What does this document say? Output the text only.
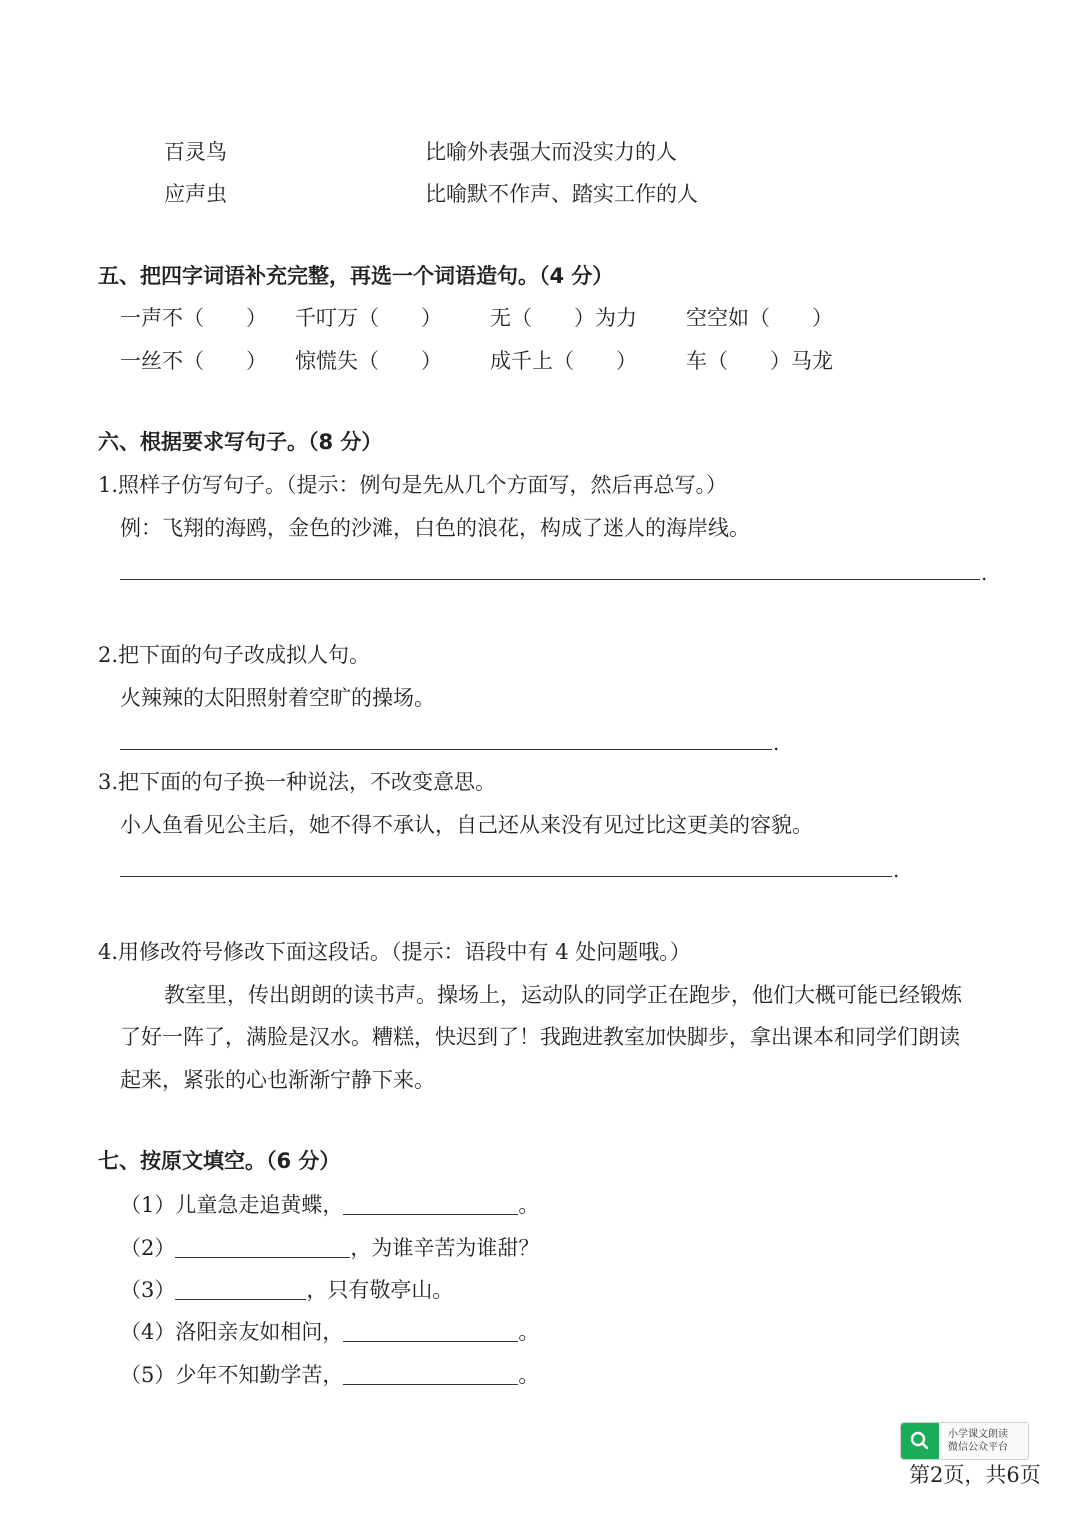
百灵鸟	比喻外表强大而没实力的人
应声虫	比喻默不作声、踏实工作的人
五、把四字词语补充完整，再选一个词语造句。（4 分）
一声不（　　） 千叮万（　　） 无（　　）为力 空空如（　　）
一丝不（　　） 惊慌失（　　） 成千上（　　） 车（　　）马龙
六、根据要求写句子。（8 分）
1.照样子仿写句子。（提示：例句是先从几个方面写，然后再总写。）
例：飞翔的海鸥，金色的沙滩，白色的浪花，构成了迷人的海岸线。
.
2.把下面的句子改成拟人句。
火辣辣的太阳照射着空旷的操场。
.
3.把下面的句子换一种说法，不改变意思。
小人鱼看见公主后，她不得不承认，自己还从来没有见过比这更美的容貌。
.
4.用修改符号修改下面这段话。（提示：语段中有 4 处问题哦。）
教室里，传出朗朗的读书声。操场上，运动队的同学正在跑步，他们大概可能已经锻炼
了好一阵了，满脸是汉水。糟糕，快迟到了！我跑进教室加快脚步，拿出课本和同学们朗读
起来，紧张的心也渐渐宁静下来。
七、按原文填空。（6 分）
（1）儿童急走追黄蝶，	。
（2）	，为谁辛苦为谁甜？
（3）	，只有敬亭山。
（4）洛阳亲友如相问，	。
（5）少年不知勤学苦，	。
小学课文朗读
微信公众平台
第2页，共6页
